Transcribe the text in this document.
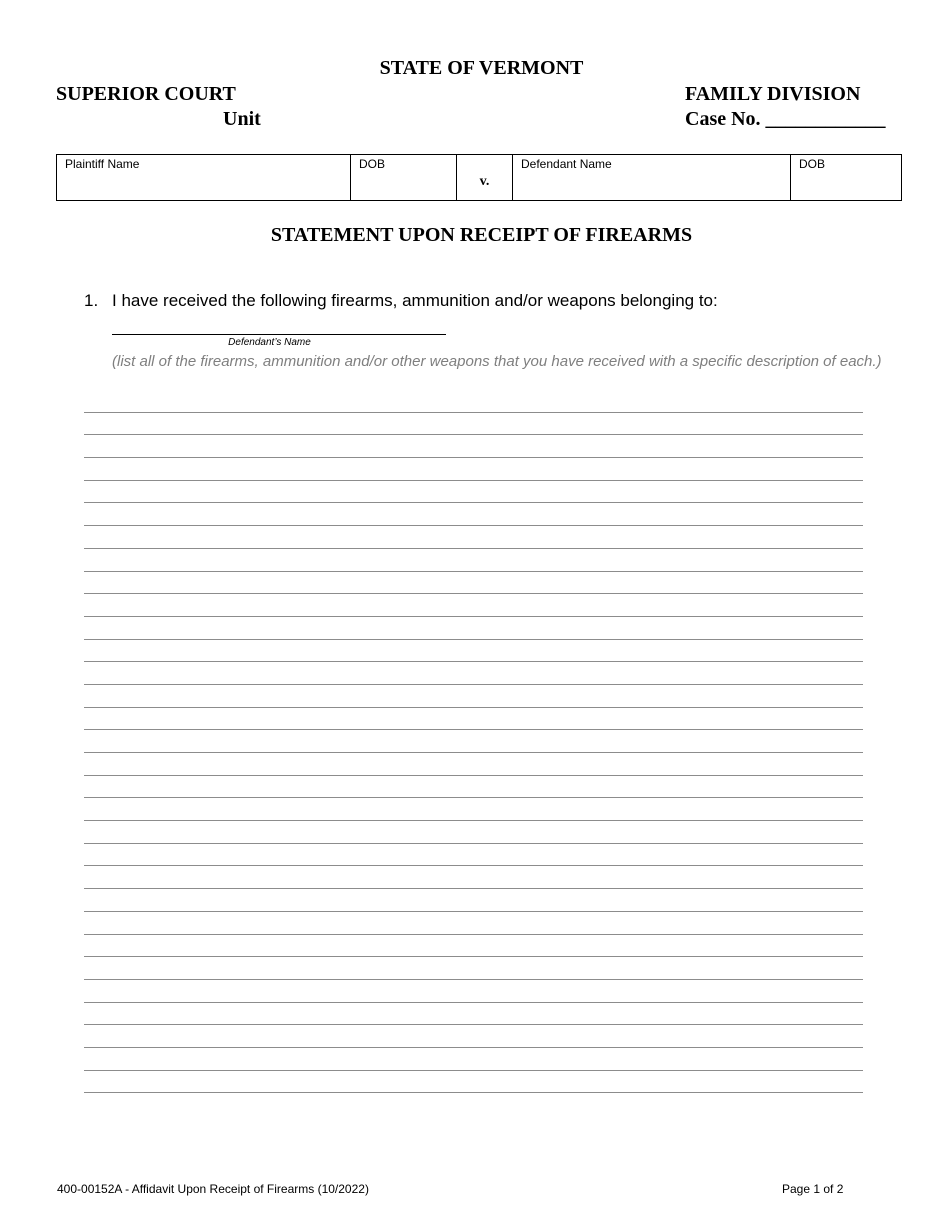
STATE OF VERMONT
SUPERIOR COURT
Unit
FAMILY DIVISION
Case No. ____________
Plaintiff Name	DOB
v.
Defendant Name	DOB
STATEMENT UPON RECEIPT OF FIREARMS
1. I have received the following firearms, ammunition and/or weapons belonging to:
Defendant’s Name
(list all of the firearms, ammunition and/or other weapons that you have received with a specific description of each.)
400-00152A - Affidavit Upon Receipt of Firearms (10/2022)	Page 1 of 2
